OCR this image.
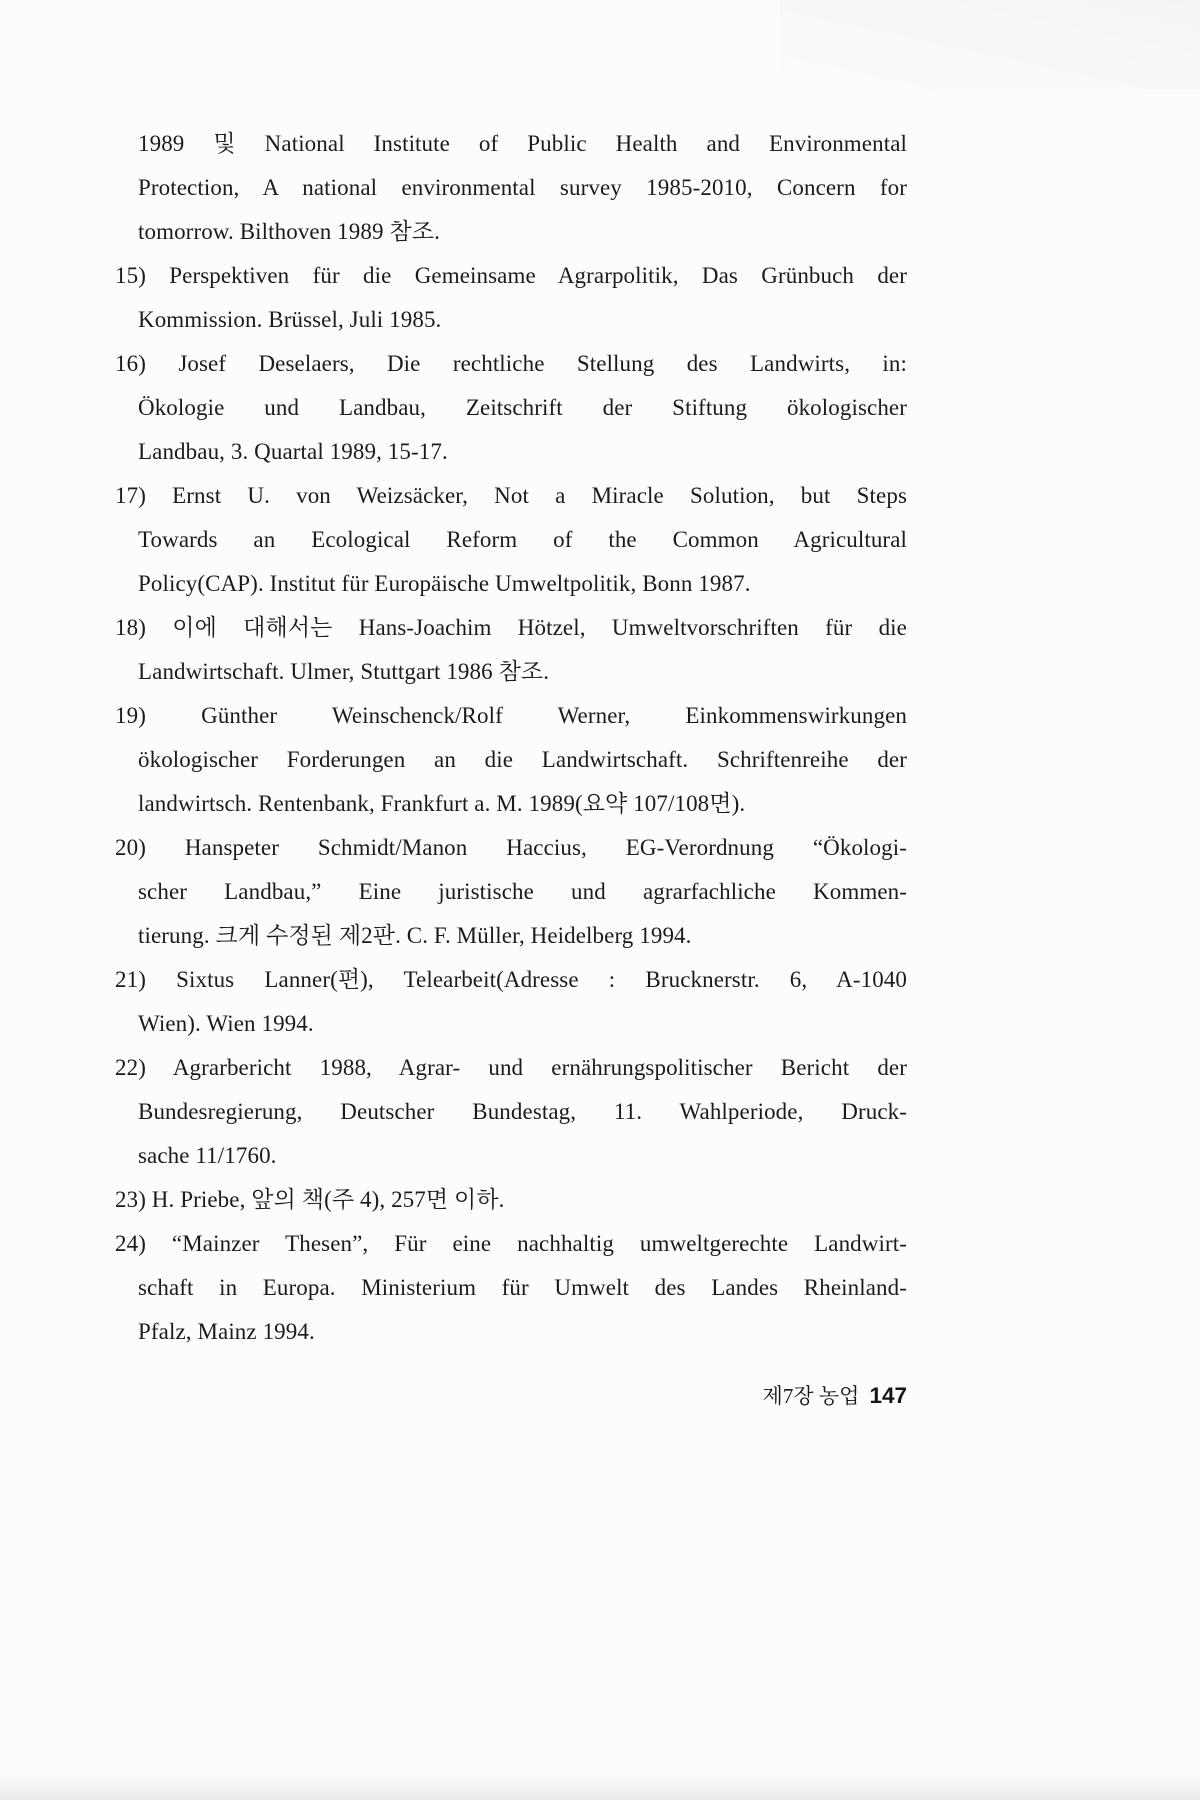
1989 및 National Institute of Public Health and Environmental
Protection, A national environmental survey 1985-2010, Concern for
tomorrow. Bilthoven 1989 참조.
15) Perspektiven für die Gemeinsame Agrarpolitik, Das Grünbuch der
Kommission. Brüssel, Juli 1985.
16) Josef Deselaers, Die rechtliche Stellung des Landwirts, in:
Ökologie und Landbau, Zeitschrift der Stiftung ökologischer
Landbau, 3. Quartal 1989, 15-17.
17) Ernst U. von Weizsäcker, Not a Miracle Solution, but Steps
Towards an Ecological Reform of the Common Agricultural
Policy(CAP). Institut für Europäische Umweltpolitik, Bonn 1987.
18) 이에 대해서는 Hans-Joachim Hötzel, Umweltvorschriften für die
Landwirtschaft. Ulmer, Stuttgart 1986 참조.
19) Günther Weinschenck/Rolf Werner, Einkommenswirkungen
ökologischer Forderungen an die Landwirtschaft. Schriftenreihe der
landwirtsch. Rentenbank, Frankfurt a. M. 1989(요약 107/108면).
20) Hanspeter Schmidt/Manon Haccius, EG-Verordnung “Ökologi-
scher Landbau,” Eine juristische und agrarfachliche Kommen-
tierung. 크게 수정된 제2판. C. F. Müller, Heidelberg 1994.
21) Sixtus Lanner(편), Telearbeit(Adresse : Brucknerstr. 6, A-1040
Wien). Wien 1994.
22) Agrarbericht 1988, Agrar- und ernährungspolitischer Bericht der
Bundesregierung, Deutscher Bundestag, 11. Wahlperiode, Druck-
sache 11/1760.
23) H. Priebe, 앞의 책(주 4), 257면 이하.
24) “Mainzer Thesen”, Für eine nachhaltig umweltgerechte Landwirt-
schaft in Europa. Ministerium für Umwelt des Landes Rheinland-
Pfalz, Mainz 1994.
제7장 농업 147
